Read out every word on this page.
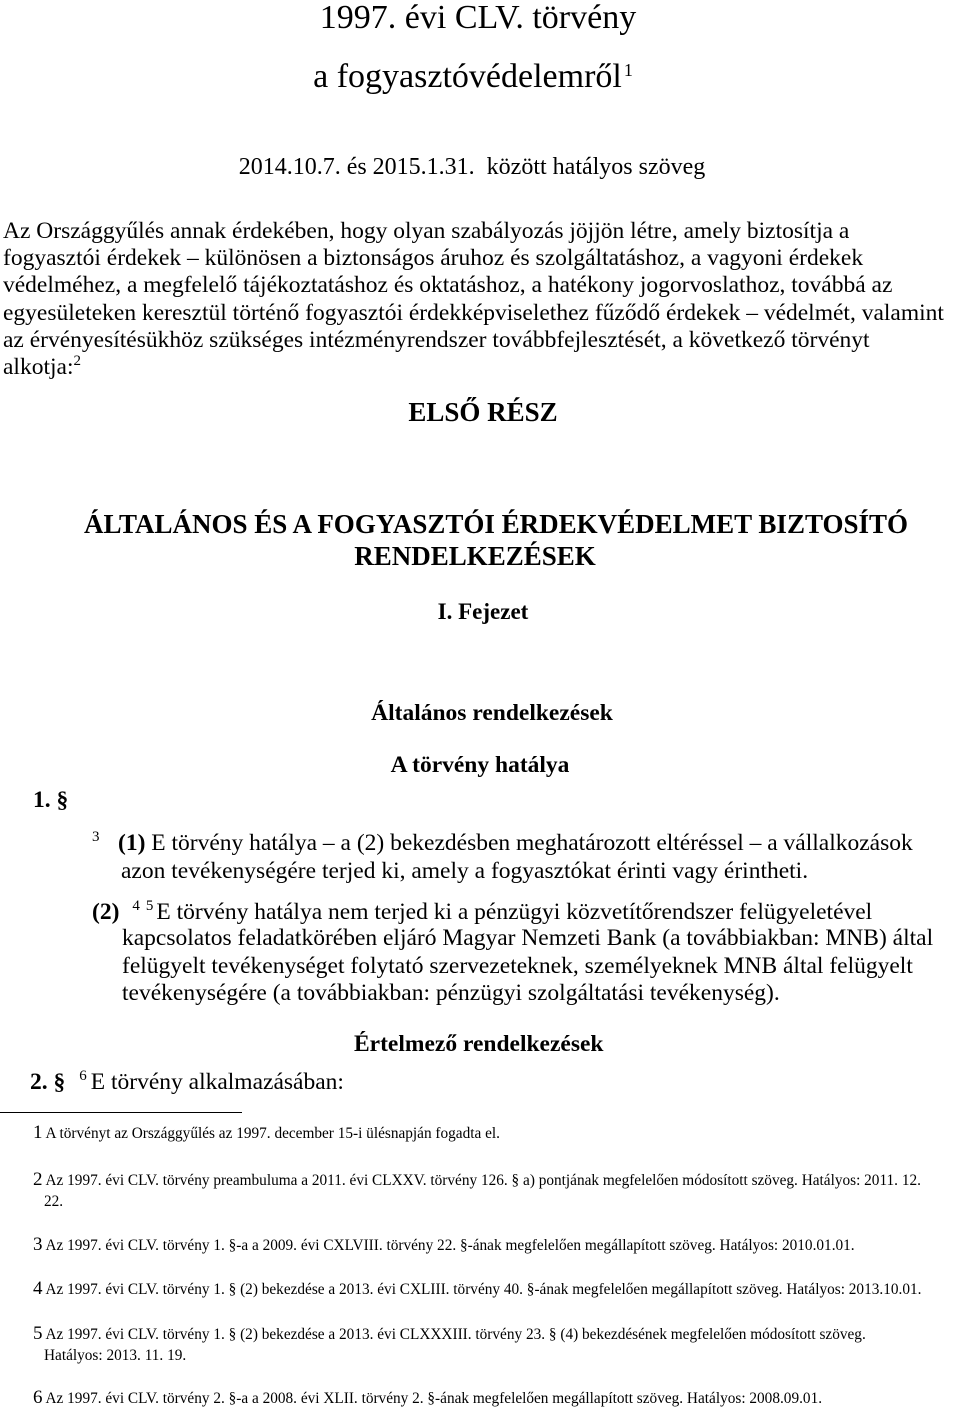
1997. évi CLV. törvény
a fogyasztóvédelemről $^1$
2014.10.7. és 2015.1.31.  között hatályos szöveg
Az Országgyűlés annak érdekében, hogy olyan szabályozás jöjjön létre, amely biztosítja a
fogyasztói érdekek – különösen a biztonságos áruhoz és szolgáltatáshoz, a vagyoni érdekek
védelméhez, a megfelelő tájékoztatáshoz és oktatáshoz, a hatékony jogorvoslathoz, továbbá az
egyesületeken keresztül történő fogyasztói érdekképviselethez fűződő érdekek – védelmét, valamint
az érvényesítésükhöz szükséges intézményrendszer továbbfejlesztését, a következő törvényt
alkotja:$^2$
ELSŐ RÉSZ
ÁLTALÁNOS ÉS A FOGYASZTÓI ÉRDEKVÉDELMET BIZTOSÍTÓ
RENDELKEZÉSEK
I. Fejezet
Általános rendelkezések
A törvény hatálya
1. §
$^3$ (1) E törvény hatálya – a (2) bekezdésben meghatározott eltéréssel – a vállalkozások
azon tevékenységére terjed ki, amely a fogyasztókat érinti vagy érintheti.
(2) $^4$ $^5$ E törvény hatálya nem terjed ki a pénzügyi közvetítőrendszer felügyeletével
kapcsolatos feladatkörében eljáró Magyar Nemzeti Bank (a továbbiakban: MNB) által
felügyelt tevékenységet folytató szervezeteknek, személyeknek MNB által felügyelt
tevékenységére (a továbbiakban: pénzügyi szolgáltatási tevékenység).
Értelmező rendelkezések
2. § $^6$ E törvény alkalmazásában:
1 A törvényt az Országgyűlés az 1997. december 15-i ülésnapján fogadta el.
2 Az 1997. évi CLV. törvény preambuluma a 2011. évi CLXXV. törvény 126. § a) pontjának megfelelően módosított szöveg. Hatályos: 2011. 12.
22.
3 Az 1997. évi CLV. törvény 1. §-a a 2009. évi CXLVIII. törvény 22. §-ának megfelelően megállapított szöveg. Hatályos: 2010.01.01.
4 Az 1997. évi CLV. törvény 1. § (2) bekezdése a 2013. évi CXLIII. törvény 40. §-ának megfelelően megállapított szöveg. Hatályos: 2013.10.01.
5 Az 1997. évi CLV. törvény 1. § (2) bekezdése a 2013. évi CLXXXIII. törvény 23. § (4) bekezdésének megfelelően módosított szöveg.
Hatályos: 2013. 11. 19.
6 Az 1997. évi CLV. törvény 2. §-a a 2008. évi XLII. törvény 2. §-ának megfelelően megállapított szöveg. Hatályos: 2008.09.01.
